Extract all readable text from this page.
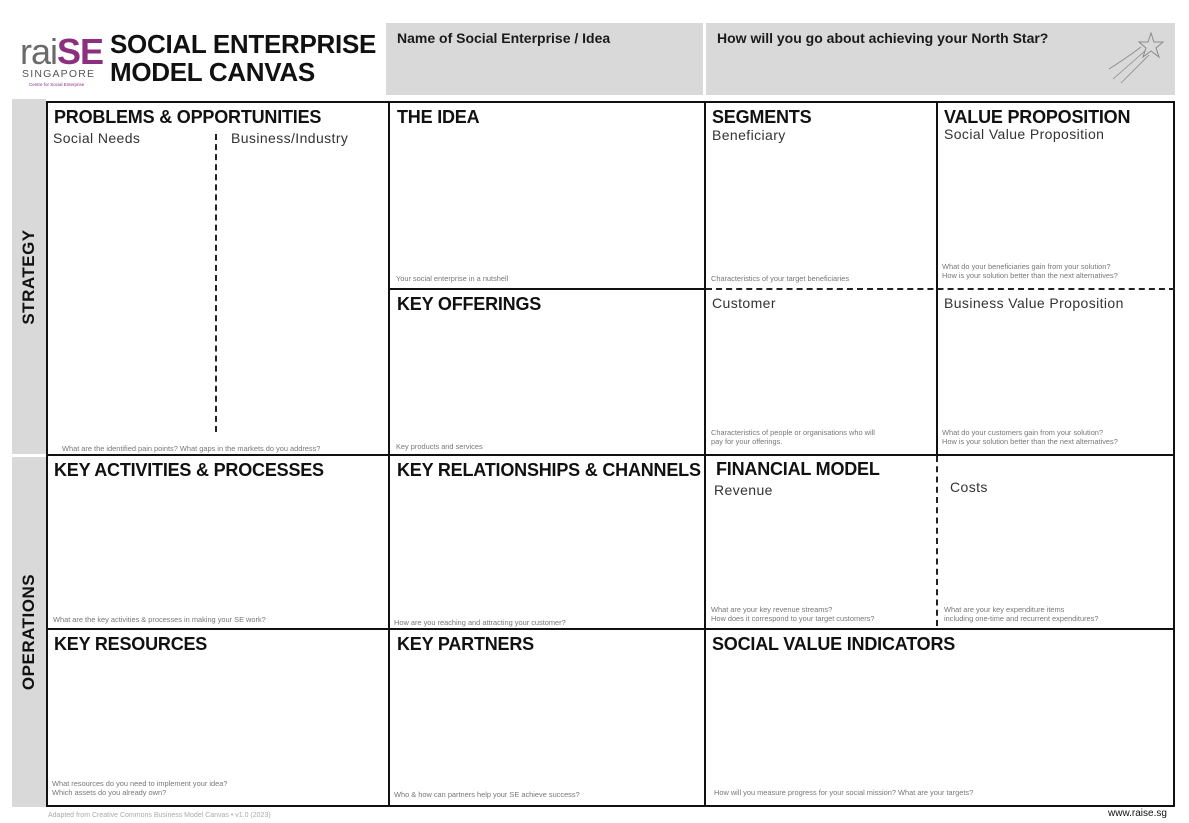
raiSE
SINGAPORE
Centre for Social Enterprise
SOCIAL ENTERPRISE
MODEL CANVAS
Name of Social Enterprise / Idea	How will you go about achieving your North Star?
STRATEGY
OPERATIONS
PROBLEMS & OPPORTUNITIES
Social Needs	Business/Industry
What are the identified pain points? What gaps in the markets do you address?
THE IDEA
Your social enterprise in a nutshell
KEY OFFERINGS
Key products and services
SEGMENTS
Beneficiary
Characteristics of your target beneficiaries
Customer
Characteristics of people or organisations who will
pay for your offerings.
VALUE PROPOSITION
Social Value Proposition
What do your beneficiaries gain from your solution?
How is your solution better than the next alternatives?
Business Value Proposition
What do your customers gain from your solution?
How is your solution better than the next alternatives?
KEY ACTIVITIES & PROCESSES
What are the key activities & processes in making your SE work?
KEY RELATIONSHIPS & CHANNELS
How are you reaching and attracting your customer?
FINANCIAL MODEL
Revenue
What are your key revenue streams?
How does it correspond to your target customers?
Costs
What are your key expenditure items
including one-time and recurrent expenditures?
KEY RESOURCES
What resources do you need to implement your idea?
Which assets do you already own?
KEY PARTNERS
Who & how can partners help your SE achieve success?
SOCIAL VALUE INDICATORS
How will you measure progress for your social mission? What are your targets?
Adapted from Creative Commons Business Model Canvas • v1.0 (2023)	www.raise.sg
